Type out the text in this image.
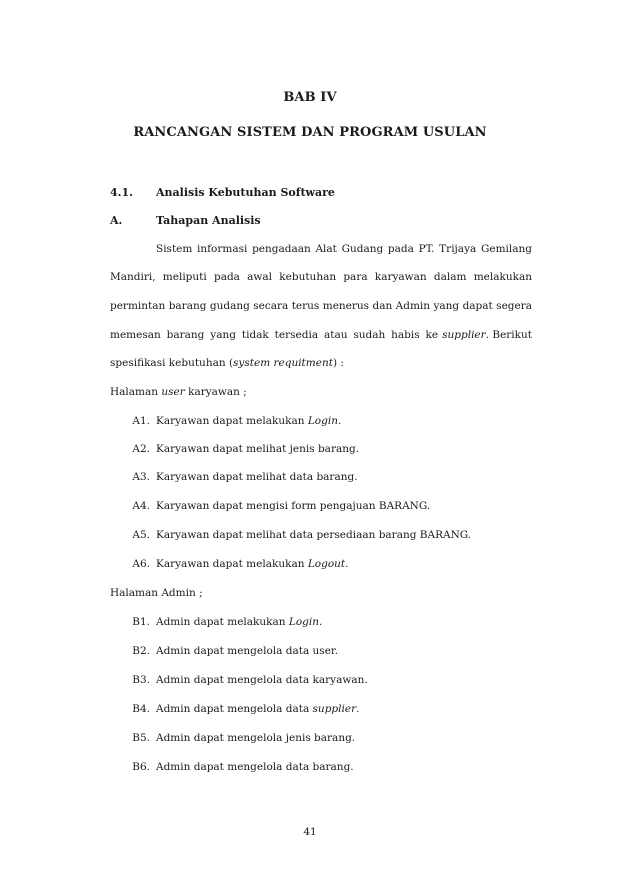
BAB IV
RANCANGAN SISTEM DAN PROGRAM USULAN
4.1. Analisis Kebutuhan Software
A.	Tahapan Analisis
Sistem informasi pengadaan Alat Gudang pada PT. Trijaya Gemilang
Mandiri, meliputi pada awal kebutuhan para karyawan dalam melakukan
permintan barang gudang secara terus menerus dan Admin yang dapat segera
memesan barang yang tidak tersedia atau sudah habis ke supplier. Berikut
spesifikasi kebutuhan (system requitment) :
Halaman user karyawan ;
A1. Karyawan dapat melakukan Login.
A2. Karyawan dapat melihat jenis barang.
A3. Karyawan dapat melihat data barang.
A4. Karyawan dapat mengisi form pengajuan BARANG.
A5. Karyawan dapat melihat data persediaan barang BARANG.
A6. Karyawan dapat melakukan Logout.
Halaman Admin ;
B1. Admin dapat melakukan Login.
B2. Admin dapat mengelola data user.
B3. Admin dapat mengelola data karyawan.
B4. Admin dapat mengelola data supplier.
B5. Admin dapat mengelola jenis barang.
B6. Admin dapat mengelola data barang.
41
